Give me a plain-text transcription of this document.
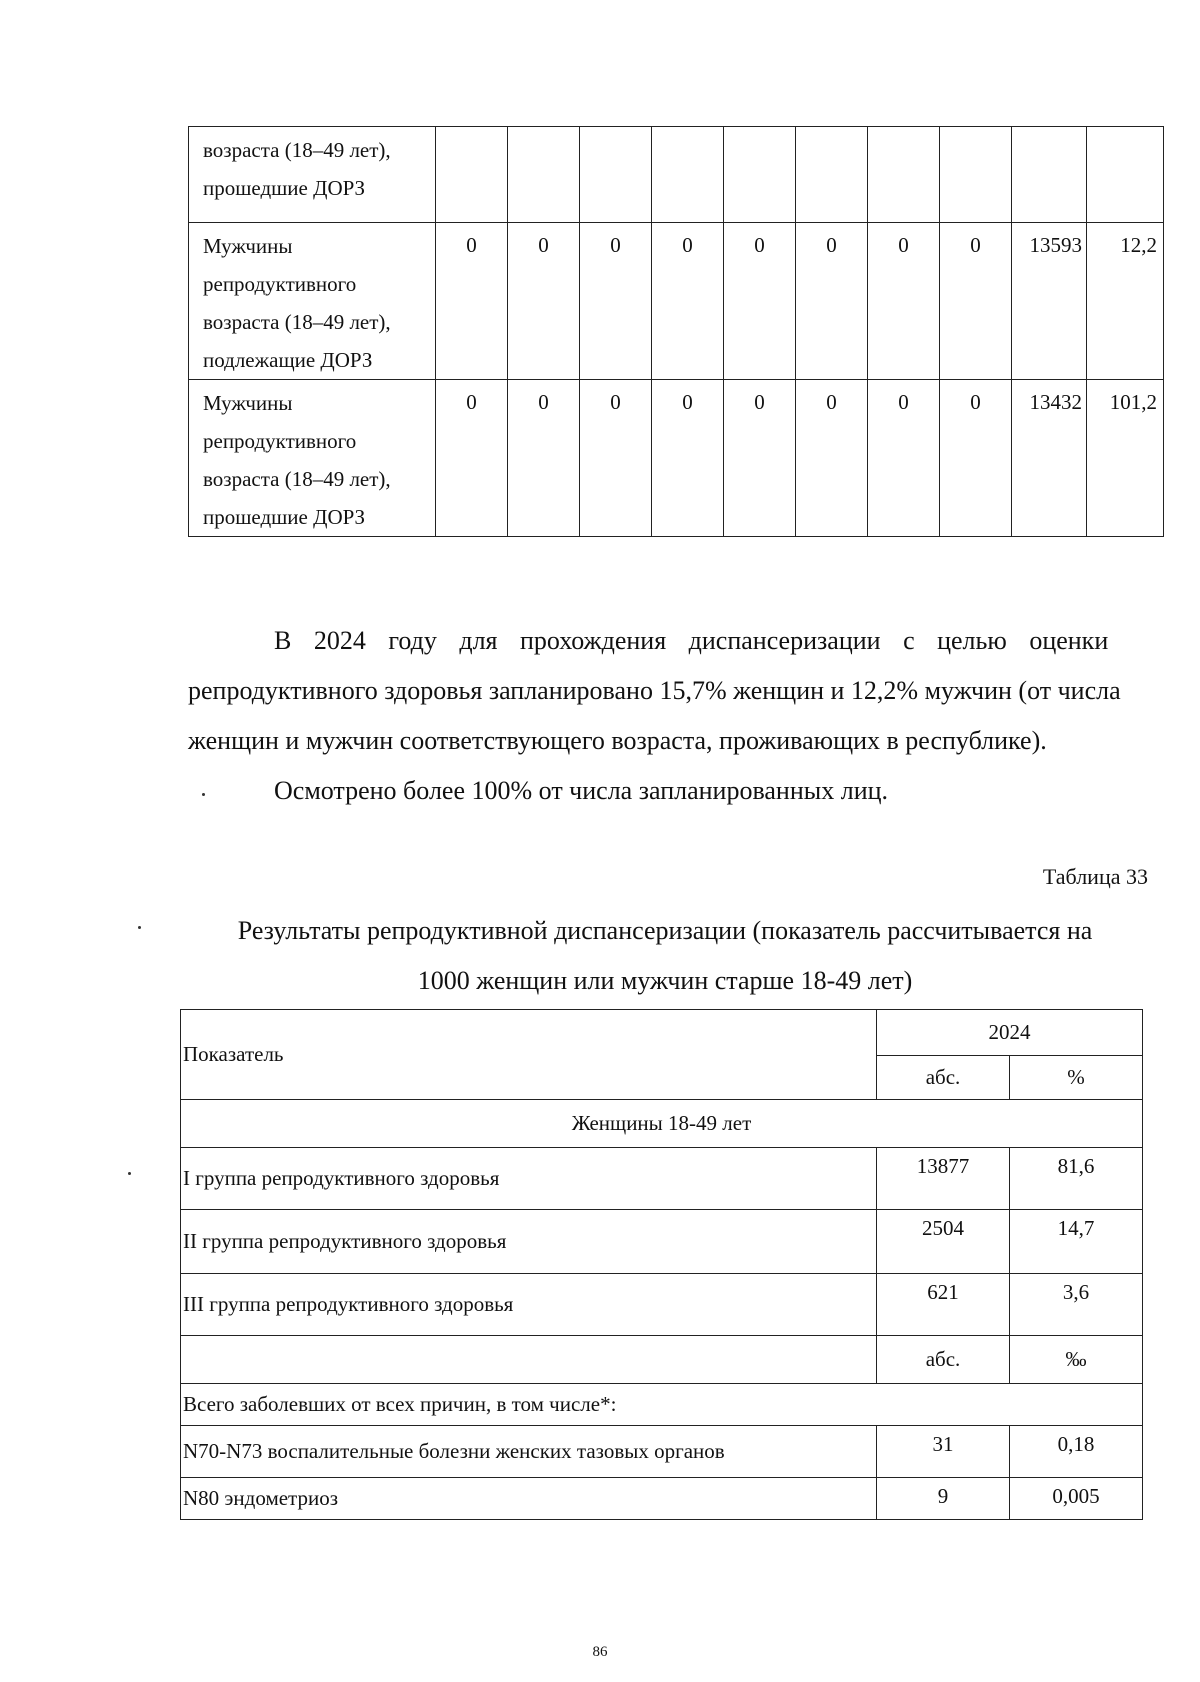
возраста (18–49 лет),
прошедшие ДОРЗ										

Мужчины
репродуктивного
возраста (18–49 лет),
подлежащие ДОРЗ	0	0	0	0	0	0	0	0	13593	12,2

Мужчины
репродуктивного
возраста (18–49 лет),
прошедшие ДОРЗ	0	0	0	0	0	0	0	0	13432	101,2

В 2024 году для прохождения диспансеризации с целью оценки

репродуктивного здоровья запланировано 15,7% женщин и 12,2% мужчин (от числа

женщин и мужчин соответствующего возраста, проживающих в республике).

Осмотрено более 100% от числа запланированных лиц.

Таблица 33
Результаты репродуктивной диспансеризации (показатель рассчитывается на
1000 женщин или мужчин старше 18-49 лет)
Показатель	2024	
	абс.	%
Женщины 18-49 лет		
I группа репродуктивного здоровья	13877	81,6
II группа репродуктивного здоровья	2504	14,7
III группа репродуктивного здоровья	621	3,6
	абс.	‰
Всего заболевших от всех причин, в том числе*:		
N70-N73 воспалительные болезни женских тазовых органов	31	0,18
N80 эндометриоз	9	0,005
86
